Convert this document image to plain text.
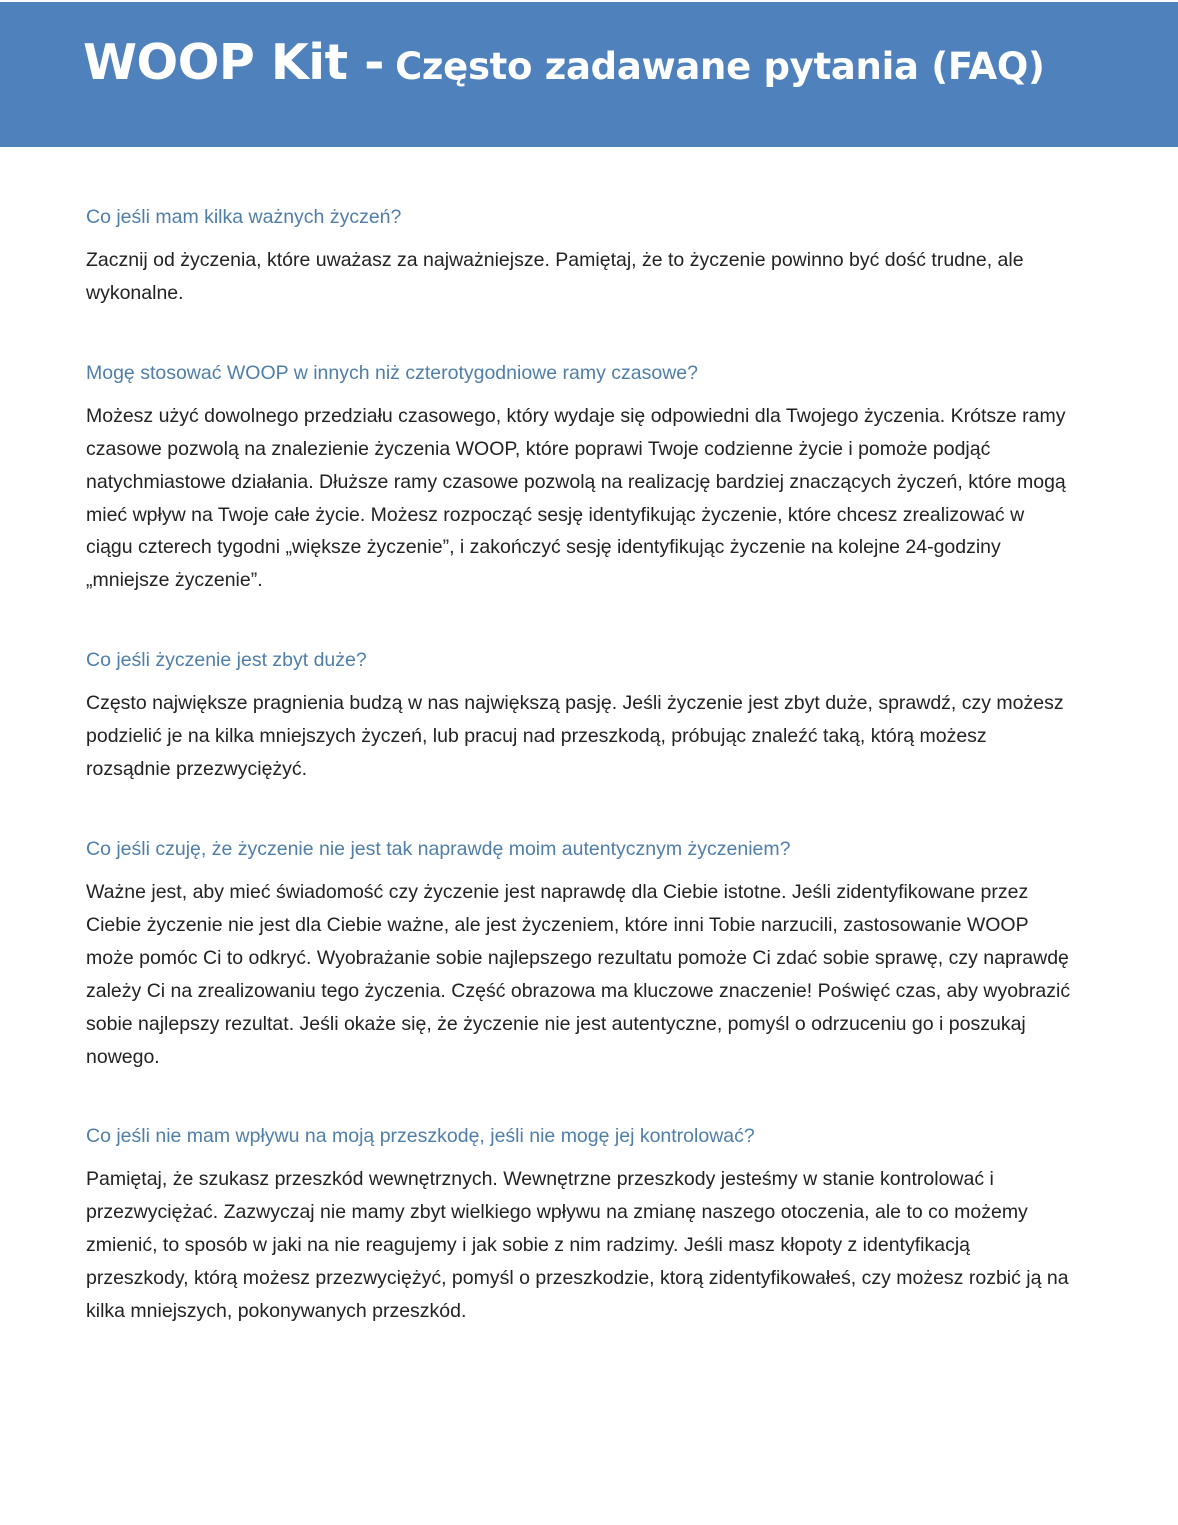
WOOP Kit - Często zadawane pytania (FAQ)
Co jeśli mam kilka ważnych życzeń?

Zacznij od życzenia, które uważasz za najważniejsze. Pamiętaj, że to życzenie powinno być dość trudne, ale wykonalne.

Mogę stosować WOOP w innych niż czterotygodniowe ramy czasowe?

Możesz użyć dowolnego przedziału czasowego, który wydaje się odpowiedni dla Twojego życzenia. Krótsze ramy czasowe pozwolą na znalezienie życzenia WOOP, które poprawi Twoje codzienne życie i pomoże podjąć natychmiastowe działania. Dłuższe ramy czasowe pozwolą na realizację bardziej znaczących życzeń, które mogą mieć wpływ na Twoje całe życie. Możesz rozpocząć sesję identyfikując życzenie, które chcesz zrealizować w ciągu czterech tygodni „większe życzenie”, i zakończyć sesję identyfikując życzenie na kolejne 24-godziny „mniejsze życzenie”.

Co jeśli życzenie jest zbyt duże?

Często największe pragnienia budzą w nas największą pasję. Jeśli życzenie jest zbyt duże, sprawdź, czy możesz podzielić je na kilka mniejszych życzeń, lub pracuj nad przeszkodą, próbując znaleźć taką, którą możesz rozsądnie przezwyciężyć.

Co jeśli czuję, że życzenie nie jest tak naprawdę moim autentycznym życzeniem?

Ważne jest, aby mieć świadomość czy życzenie jest naprawdę dla Ciebie istotne. Jeśli zidentyfikowane przez Ciebie życzenie nie jest dla Ciebie ważne, ale jest życzeniem, które inni Tobie narzucili, zastosowanie WOOP może pomóc Ci to odkryć. Wyobrażanie sobie najlepszego rezultatu pomoże Ci zdać sobie sprawę, czy naprawdę zależy Ci na zrealizowaniu tego życzenia. Część obrazowa ma kluczowe znaczenie! Poświęć czas, aby wyobrazić sobie najlepszy rezultat. Jeśli okaże się, że życzenie nie jest autentyczne, pomyśl o odrzuceniu go i poszukaj nowego.

Co jeśli nie mam wpływu na moją przeszkodę, jeśli nie mogę jej kontrolować?

Pamiętaj, że szukasz przeszkód wewnętrznych. Wewnętrzne przeszkody jesteśmy w stanie kontrolować i przezwyciężać. Zazwyczaj nie mamy zbyt wielkiego wpływu na zmianę naszego otoczenia, ale to co możemy zmienić, to sposób w jaki na nie reagujemy i jak sobie z nim radzimy. Jeśli masz kłopoty z identyfikacją przeszkody, którą możesz przezwyciężyć, pomyśl o przeszkodzie, ktorą zidentyfikowałeś, czy możesz rozbić ją na kilka mniejszych, pokonywanych przeszkód.
